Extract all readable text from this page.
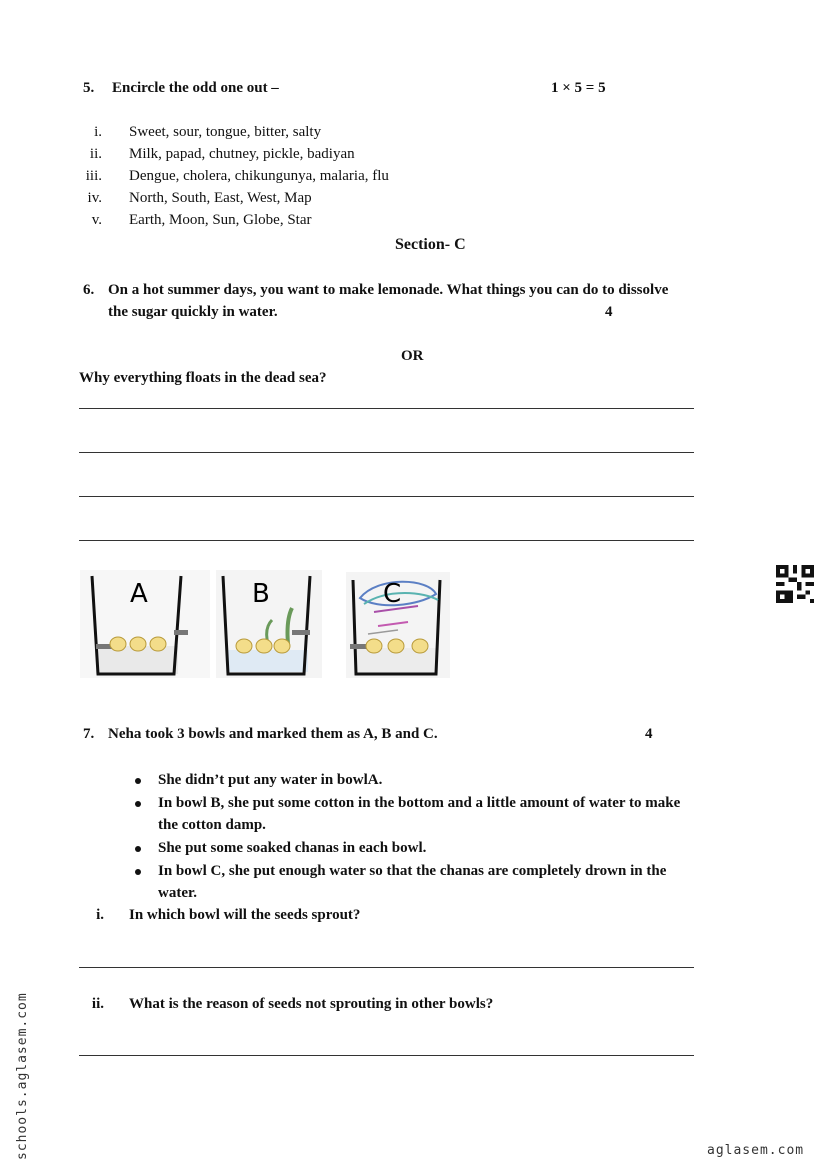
5. Encircle the odd one out –	1 × 5 = 5
i. Sweet, sour, tongue, bitter, salty
ii. Milk, papad, chutney, pickle, badiyan
iii. Dengue, cholera, chikungunya, malaria, flu
iv. North, South, East, West, Map
v. Earth, Moon, Sun, Globe, Star
Section- C
6. On a hot summer days, you want to make lemonade. What things you can do to dissolve
the sugar quickly in water.	4
OR
Why everything floats in the dead sea?
A	B	C
7. Neha took 3 bowls and marked them as A, B and C.	4
She didn’t put any water in bowlA.
In bowl B, she put some cotton in the bottom and a little amount of water to make
the cotton damp.
She put some soaked chanas in each bowl.
In bowl C, she put enough water so that the chanas are completely drown in the
water.
i. In which bowl will the seeds sprout?
ii. What is the reason of seeds not sprouting in other bowls?
schools.aglasem.com	aglasem.com
